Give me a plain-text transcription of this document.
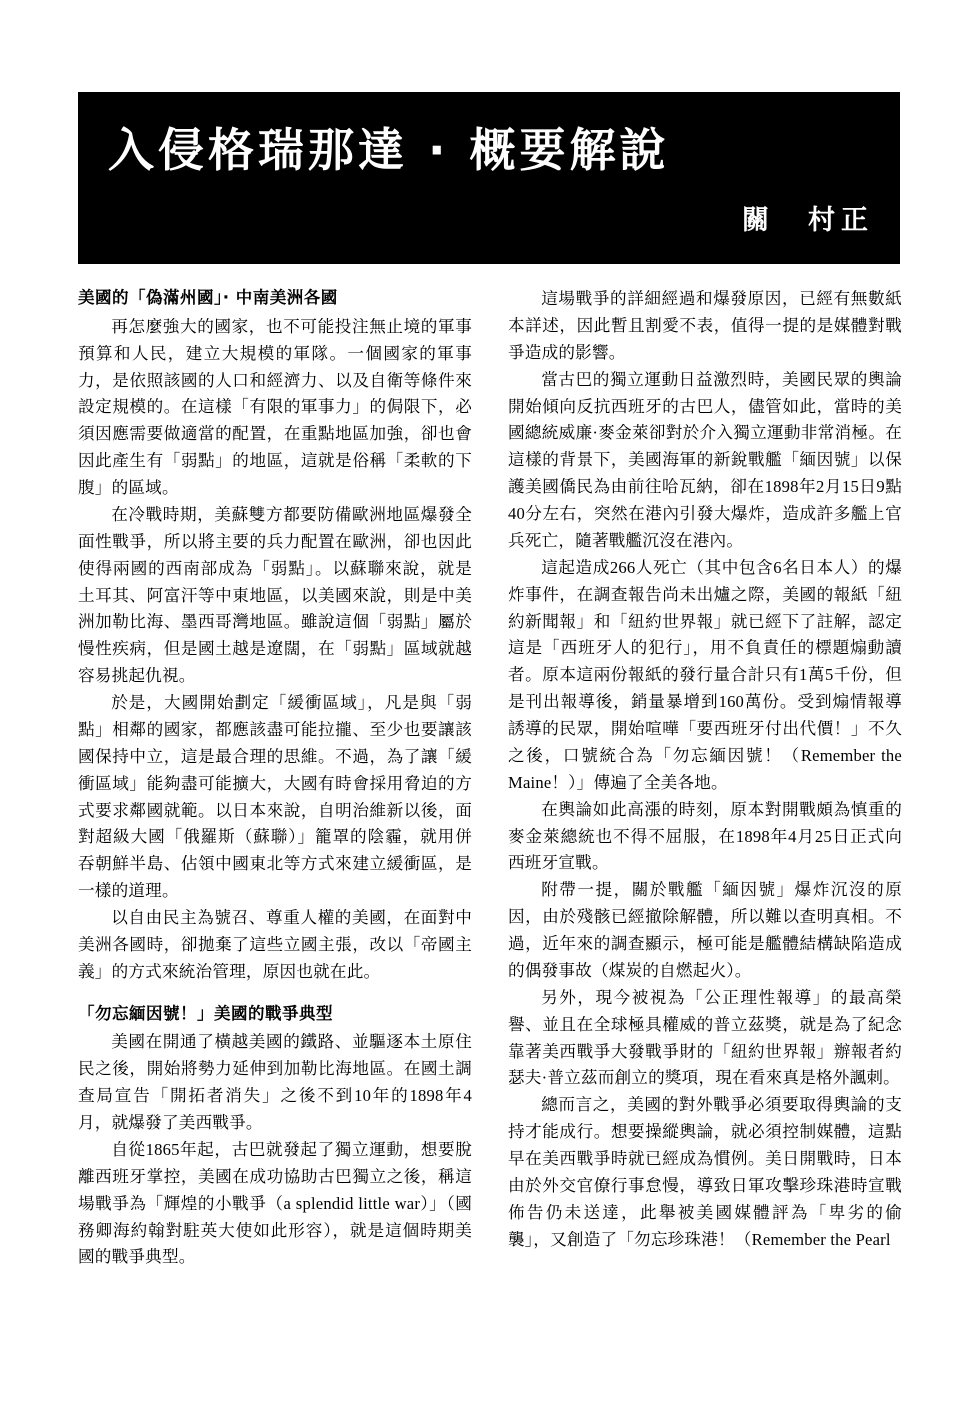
入侵格瑞那達 · 概要解說
關　村正
美國的「偽滿州國」· 中南美洲各國

再怎麼強大的國家，也不可能投注無止境的軍事預算和人民，建立大規模的軍隊。一個國家的軍事力，是依照該國的人口和經濟力、以及自衛等條件來設定規模的。在這樣「有限的軍事力」的侷限下，必須因應需要做適當的配置，在重點地區加強，卻也會因此產生有「弱點」的地區，這就是俗稱「柔軟的下腹」的區域。

在冷戰時期，美蘇雙方都要防備歐洲地區爆發全面性戰爭，所以將主要的兵力配置在歐洲，卻也因此使得兩國的西南部成為「弱點」。以蘇聯來說，就是土耳其、阿富汗等中東地區，以美國來說，則是中美洲加勒比海、墨西哥灣地區。雖說這個「弱點」屬於慢性疾病，但是國土越是遼闊，在「弱點」區域就越容易挑起仇視。

於是，大國開始劃定「緩衝區域」，凡是與「弱點」相鄰的國家，都應該盡可能拉攏、至少也要讓該國保持中立，這是最合理的思維。不過，為了讓「緩衝區域」能夠盡可能擴大，大國有時會採用脅迫的方式要求鄰國就範。以日本來說，自明治維新以後，面對超級大國「俄羅斯（蘇聯）」籠罩的陰霾，就用併吞朝鮮半島、佔領中國東北等方式來建立緩衝區，是一樣的道理。

以自由民主為號召、尊重人權的美國，在面對中美洲各國時，卻拋棄了這些立國主張，改以「帝國主義」的方式來統治管理，原因也就在此。

「勿忘緬因號！」美國的戰爭典型

美國在開通了橫越美國的鐵路、並驅逐本土原住民之後，開始將勢力延伸到加勒比海地區。在國土調查局宣告「開拓者消失」之後不到10年的1898年4月，就爆發了美西戰爭。

自從1865年起，古巴就發起了獨立運動，想要脫離西班牙掌控，美國在成功協助古巴獨立之後，稱這場戰爭為「輝煌的小戰爭（a splendid little war）」（國務卿海約翰對駐英大使如此形容），就是這個時期美國的戰爭典型。

這場戰爭的詳細經過和爆發原因，已經有無數紙本詳述，因此暫且割愛不表，值得一提的是媒體對戰爭造成的影響。

當古巴的獨立運動日益激烈時，美國民眾的輿論開始傾向反抗西班牙的古巴人，儘管如此，當時的美國總統威廉·麥金萊卻對於介入獨立運動非常消極。在這樣的背景下，美國海軍的新銳戰艦「緬因號」以保護美國僑民為由前往哈瓦納，卻在1898年2月15日9點40分左右，突然在港內引發大爆炸，造成許多艦上官兵死亡，隨著戰艦沉沒在港內。

這起造成266人死亡（其中包含6名日本人）的爆炸事件，在調查報告尚未出爐之際，美國的報紙「紐約新聞報」和「紐約世界報」就已經下了註解，認定這是「西班牙人的犯行」，用不負責任的標題煽動讀者。原本這兩份報紙的發行量合計只有1萬5千份，但是刊出報導後，銷量暴增到160萬份。受到煽情報導誘導的民眾，開始喧嘩「要西班牙付出代價！」不久之後，口號統合為「勿忘緬因號！（Remember the Maine！）」傳遍了全美各地。

在輿論如此高漲的時刻，原本對開戰頗為慎重的麥金萊總統也不得不屈服，在1898年4月25日正式向西班牙宣戰。

附帶一提，關於戰艦「緬因號」爆炸沉沒的原因，由於殘骸已經撤除解體，所以難以查明真相。不過，近年來的調查顯示，極可能是艦體結構缺陷造成的偶發事故（煤炭的自燃起火）。

另外，現今被視為「公正理性報導」的最高榮譽、並且在全球極具權威的普立茲獎，就是為了紀念靠著美西戰爭大發戰爭財的「紐約世界報」辦報者約瑟夫·普立茲而創立的獎項，現在看來真是格外諷刺。

總而言之，美國的對外戰爭必須要取得輿論的支持才能成行。想要操縱輿論，就必須控制媒體，這點早在美西戰爭時就已經成為慣例。美日開戰時，日本由於外交官僚行事怠慢，導致日軍攻擊珍珠港時宣戰佈告仍未送達，此舉被美國媒體評為「卑劣的偷襲」，又創造了「勿忘珍珠港！（Remember the Pearl
